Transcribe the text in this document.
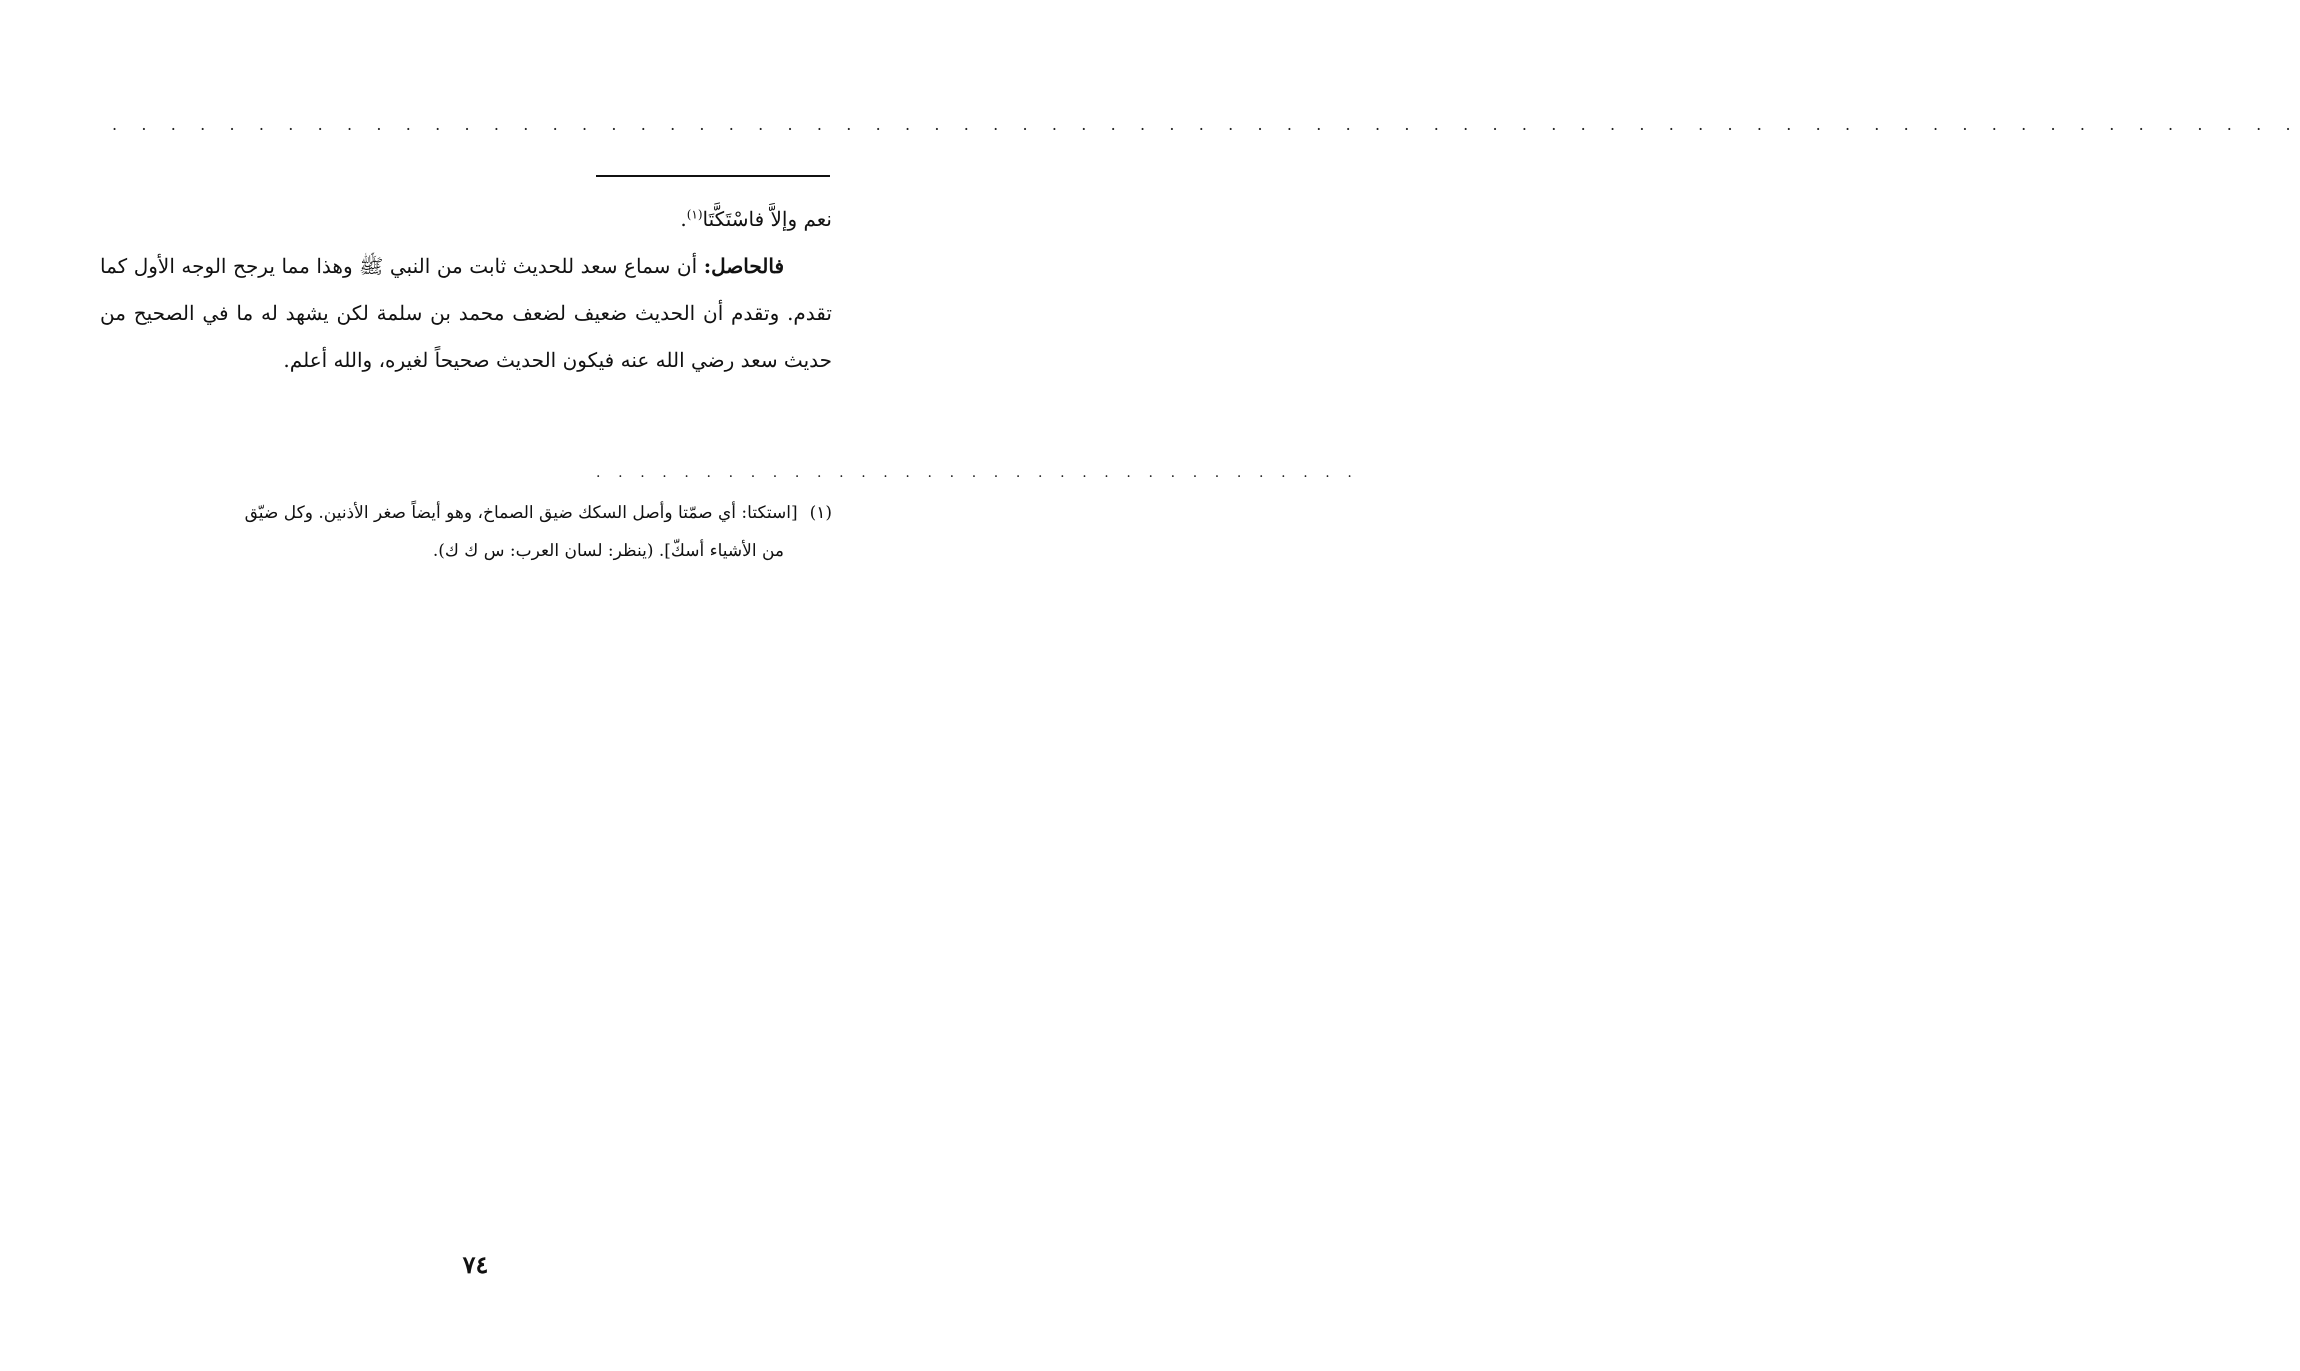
. . . . . . . . . . . . . . . . . . . . . . . . . . . . . . . . . . . . . . . . . . . . . . . . . . . . . . . . . . . . . . . . . . . . . . . . . . .

نعم وإلاَّ فاسْتَكَّتَا$^{(١)}$.

فالحاصل: أن سماع سعد للحديث ثابت من النبي ﷺ وهذا مما يرجح الوجه الأول كما تقدم. وتقدم أن الحديث ضعيف لضعف محمد بن سلمة لكن يشهد له ما في الصحيح من حديث سعد رضي الله عنه فيكون الحديث صحيحاً لغيره، والله أعلم.

. . . . . . . . . . . . . . . . . . . . . . . . . . . . . . . . . . .
(١)[استكتا: أي صمّتا وأصل السكك ضيق الصماخ، وهو أيضاً صغر الأذنين. وكل ضيّق
من الأشياء أسكّ]. (ينظر: لسان العرب: س ك ك).
٧٤
